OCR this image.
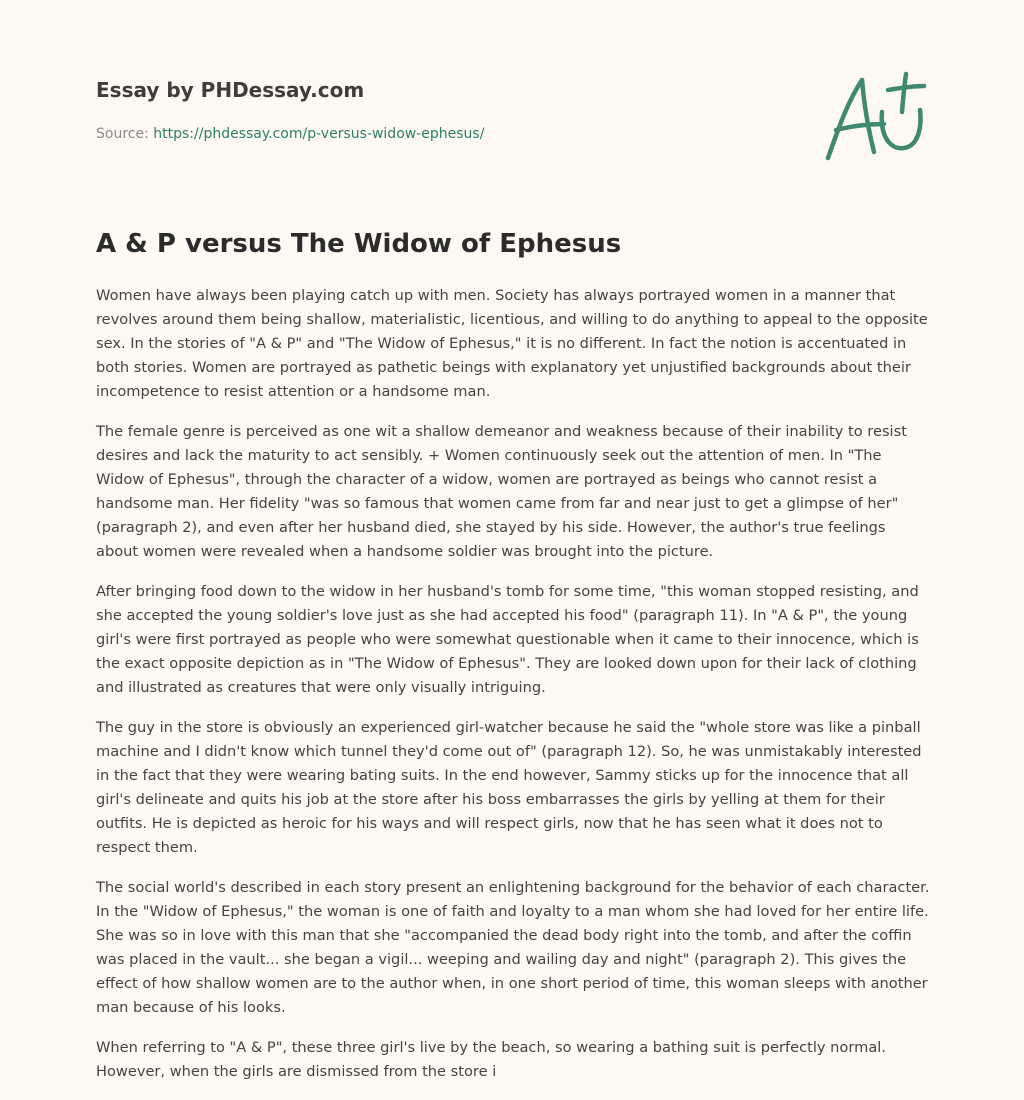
Essay by PHDessay.com
Source: https://phdessay.com/p-versus-widow-ephesus/
A & P versus The Widow of Ephesus

Women have always been playing catch up with men. Society has always portrayed women in a manner that revolves around them being shallow, materialistic, licentious, and willing to do anything to appeal to the opposite sex. In the stories of "A & P" and "The Widow of Ephesus," it is no different. In fact the notion is accentuated in both stories. Women are portrayed as pathetic beings with explanatory yet unjustified backgrounds about their incompetence to resist attention or a handsome man.

The female genre is perceived as one wit a shallow demeanor and weakness because of their inability to resist desires and lack the maturity to act sensibly. + Women continuously seek out the attention of men. In "The Widow of Ephesus", through the character of a widow, women are portrayed as beings who cannot resist a handsome man. Her fidelity "was so famous that women came from far and near just to get a glimpse of her" (paragraph 2), and even after her husband died, she stayed by his side. However, the author's true feelings about women were revealed when a handsome soldier was brought into the picture.

After bringing food down to the widow in her husband's tomb for some time, "this woman stopped resisting, and she accepted the young soldier's love just as she had accepted his food" (paragraph 11). In "A & P", the young girl's were first portrayed as people who were somewhat questionable when it came to their innocence, which is the exact opposite depiction as in "The Widow of Ephesus". They are looked down upon for their lack of clothing and illustrated as creatures that were only visually intriguing.

The guy in the store is obviously an experienced girl-watcher because he said the "whole store was like a pinball machine and I didn't know which tunnel they'd come out of" (paragraph 12). So, he was unmistakably interested in the fact that they were wearing bating suits. In the end however, Sammy sticks up for the innocence that all girl's delineate and quits his job at the store after his boss embarrasses the girls by yelling at them for their outfits. He is depicted as heroic for his ways and will respect girls, now that he has seen what it does not to respect them.

The social world's described in each story present an enlightening background for the behavior of each character. In the "Widow of Ephesus," the woman is one of faith and loyalty to a man whom she had loved for her entire life. She was so in love with this man that she "accompanied the dead body right into the tomb, and after the coffin was placed in the vault... she began a vigil... weeping and wailing day and night" (paragraph 2). This gives the effect of how shallow women are to the author when, in one short period of time, this woman sleeps with another man because of his looks.

When referring to "A & P", these three girl's live by the beach, so wearing a bathing suit is perfectly normal. However, when the girls are dismissed from the store i
